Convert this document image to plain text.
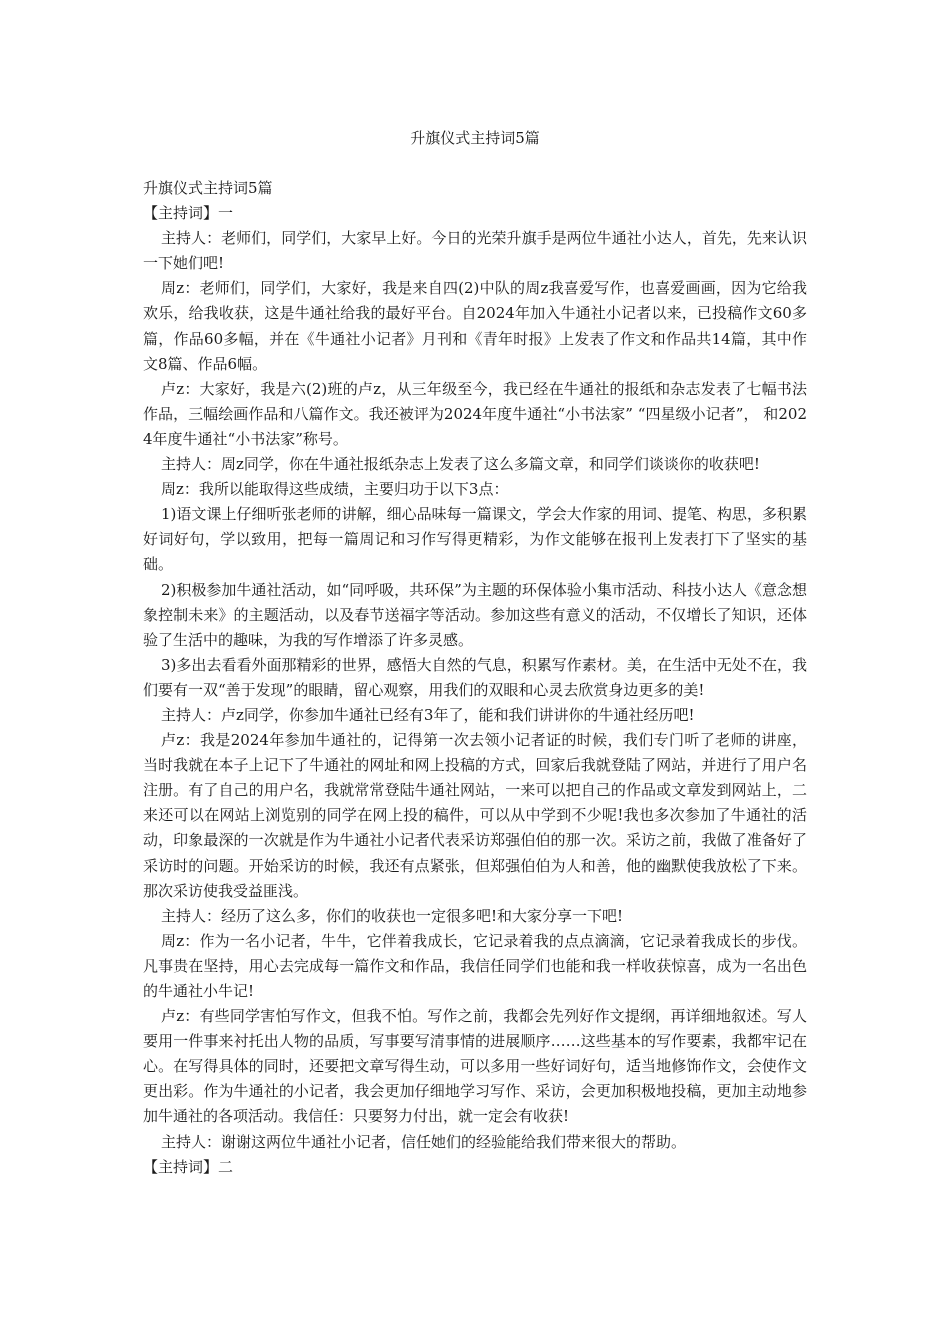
升旗仪式主持词5篇

升旗仪式主持词5篇

【主持词】一

主持人：老师们，同学们，大家早上好。今日的光荣升旗手是两位牛通社小达人，首先，先来认识一下她们吧!

周z：老师们，同学们，大家好，我是来自四(2)中队的周z我喜爱写作，也喜爱画画，因为它给我欢乐，给我收获，这是牛通社给我的最好平台。自2024年加入牛通社小记者以来，已投稿作文60多篇，作品60多幅，并在《牛通社小记者》月刊和《青年时报》上发表了作文和作品共14篇，其中作文8篇、作品6幅。

卢z：大家好，我是六(2)班的卢z，从三年级至今，我已经在牛通社的报纸和杂志发表了七幅书法作品，三幅绘画作品和八篇作文。我还被评为2024年度牛通社“小书法家” “四星级小记者”， 和2024年度牛通社“小书法家”称号。

主持人：周z同学，你在牛通社报纸杂志上发表了这么多篇文章，和同学们谈谈你的收获吧!

周z：我所以能取得这些成绩，主要归功于以下3点：

1)语文课上仔细听张老师的讲解，细心品味每一篇课文，学会大作家的用词、提笔、构思，多积累好词好句，学以致用，把每一篇周记和习作写得更精彩，为作文能够在报刊上发表打下了坚实的基础。

2)积极参加牛通社活动，如“同呼吸，共环保”为主题的环保体验小集市活动、科技小达人《意念想象控制未来》的主题活动，以及春节送福字等活动。参加这些有意义的活动，不仅增长了知识，还体验了生活中的趣味，为我的写作增添了许多灵感。

3)多出去看看外面那精彩的世界，感悟大自然的气息，积累写作素材。美，在生活中无处不在，我们要有一双“善于发现”的眼睛，留心观察，用我们的双眼和心灵去欣赏身边更多的美!

主持人：卢z同学，你参加牛通社已经有3年了，能和我们讲讲你的牛通社经历吧!

卢z：我是2024年参加牛通社的，记得第一次去领小记者证的时候，我们专门听了老师的讲座，当时我就在本子上记下了牛通社的网址和网上投稿的方式，回家后我就登陆了网站，并进行了用户名注册。有了自己的用户名，我就常常登陆牛通社网站，一来可以把自己的作品或文章发到网站上，二来还可以在网站上浏览别的同学在网上投的稿件，可以从中学到不少呢!我也多次参加了牛通社的活动，印象最深的一次就是作为牛通社小记者代表采访郑强伯伯的那一次。采访之前，我做了准备好了采访时的问题。开始采访的时候，我还有点紧张，但郑强伯伯为人和善，他的幽默使我放松了下来。那次采访使我受益匪浅。

主持人：经历了这么多，你们的收获也一定很多吧!和大家分享一下吧!

周z：作为一名小记者，牛牛，它伴着我成长，它记录着我的点点滴滴，它记录着我成长的步伐。凡事贵在坚持，用心去完成每一篇作文和作品，我信任同学们也能和我一样收获惊喜，成为一名出色的牛通社小牛记!

卢z：有些同学害怕写作文，但我不怕。写作之前，我都会先列好作文提纲，再详细地叙述。写人要用一件事来衬托出人物的品质，写事要写清事情的进展顺序……这些基本的写作要素，我都牢记在心。在写得具体的同时，还要把文章写得生动，可以多用一些好词好句，适当地修饰作文，会使作文更出彩。作为牛通社的小记者，我会更加仔细地学习写作、采访，会更加积极地投稿，更加主动地参加牛通社的各项活动。我信任：只要努力付出，就一定会有收获!

主持人：谢谢这两位牛通社小记者，信任她们的经验能给我们带来很大的帮助。

【主持词】二
